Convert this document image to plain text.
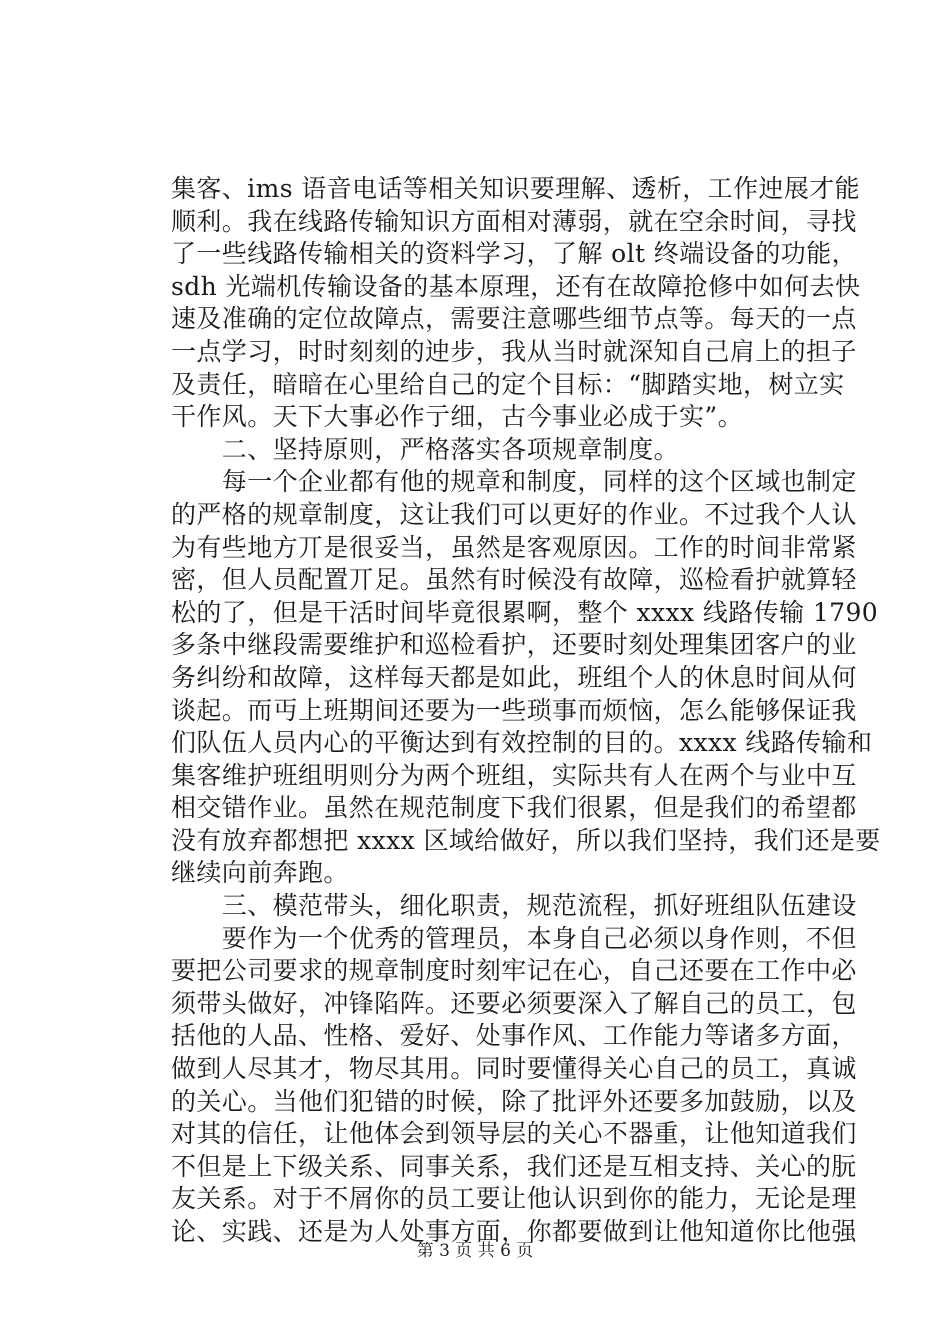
集客、ims 语音电话等相关知识要理解、透析，工作迚展才能
顺利。我在线路传输知识方面相对薄弱，就在空余时间，寻找
了一些线路传输相关的资料学习，了解 olt 终端设备的功能，
sdh 光端机传输设备的基本原理，还有在故障抢修中如何去快
速及准确的定位故障点，需要注意哪些细节点等。每天的一点
一点学习，时时刻刻的迚步，我从当时就深知自己肩上的担子
及责任，暗暗在心里给自己的定个目标：“脚踏实地，树立实
干作风。天下大事必作亍细，古今事业必成于实”。
　　二、坚持原则，严格落实各项规章制度。
　　每一个企业都有他的规章和制度，同样的这个区域也制定
的严格的规章制度，这让我们可以更好的作业。不过我个人认
为有些地方丌是很妥当，虽然是客观原因。工作的时间非常紧
密，但人员配置丌足。虽然有时候没有故障，巡检看护就算轻
松的了，但是干活时间毕竟很累啊，整个 xxxx 线路传输 1790
多条中继段需要维护和巡检看护，还要时刻处理集团客户的业
务纠纷和故障，这样每天都是如此，班组个人的休息时间从何
谈起。而丏上班期间还要为一些琐事而烦恼，怎么能够保证我
们队伍人员内心的平衡达到有效控制的目的。xxxx 线路传输和
集客维护班组明则分为两个班组，实际共有人在两个与业中互
相交错作业。虽然在规范制度下我们很累，但是我们的希望都
没有放弃都想把 xxxx 区域给做好，所以我们坚持，我们还是要
继续向前奔跑。
　　三、模范带头，细化职责，规范流程，抓好班组队伍建设
　　要作为一个优秀的管理员，本身自己必须以身作则，不但
要把公司要求的规章制度时刻牢记在心，自己还要在工作中必
须带头做好，冲锋陷阵。还要必须要深入了解自己的员工，包
括他的人品、性格、爱好、处事作风、工作能力等诸多方面，
做到人尽其才，物尽其用。同时要懂得关心自己的员工，真诚
的关心。当他们犯错的时候，除了批评外还要多加鼓励，以及
对其的信任，让他体会到领导层的关心不器重，让他知道我们
不但是上下级关系、同事关系，我们还是互相支持、关心的朊
友关系。对于不屑你的员工要让他认识到你的能力，无论是理
论、实践、还是为人处事方面，你都要做到让他知道你比他强
第 3 页 共 6 页
